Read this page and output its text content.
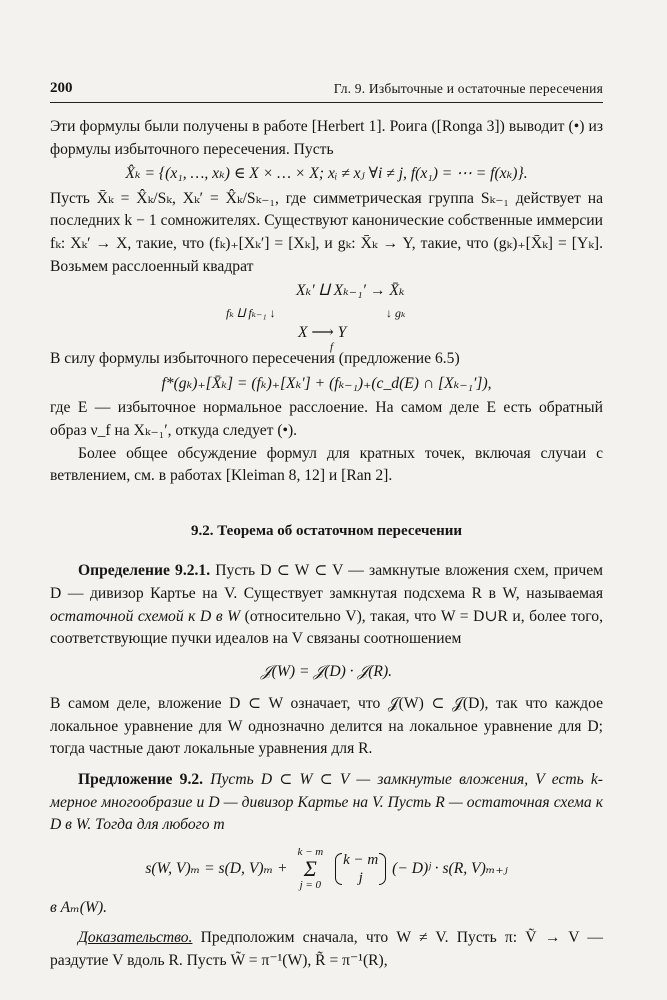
200	Гл. 9. Избыточные и остаточные пересечения

Эти формулы были получены в работе [Herbert 1]. Роига ([Ronga 3]) выводит (•) из формулы избыточного пересечения. Пусть

X̂ₖ = {(x₁, …, xₖ) ∈ X × … × X; xᵢ ≠ xⱼ ∀i ≠ j, f(x₁) = ⋯ = f(xₖ)}.

Пусть X̄ₖ = X̂ₖ/Sₖ, Xₖ′ = X̂ₖ/Sₖ₋₁, где симметрическая группа Sₖ₋₁ действует на последних k − 1 сомножителях. Существуют канонические собственные иммерсии fₖ: Xₖ′ → X, такие, что (fₖ)₊[Xₖ′] = [Xₖ], и gₖ: X̄ₖ → Y, такие, что (gₖ)₊[X̄ₖ] = [Yₖ]. Возьмем расслоенный квадрат

Xₖ′ ⨿ Xₖ₋₁′ → X̄ₖ
fₖ ⨿ fₖ₋₁ ↓	↓ gₖ
X ⟶ Y
f

В силу формулы избыточного пересечения (предложение 6.5)

f*(gₖ)₊[X̄ₖ] = (fₖ)₊[Xₖ′] + (fₖ₋₁)₊(c_d(E) ∩ [Xₖ₋₁′]),

где E — избыточное нормальное расслоение. На самом деле E есть обратный образ ν_f на Xₖ₋₁′, откуда следует (•).

Более общее обсуждение формул для кратных точек, включая случаи с ветвлением, см. в работах [Kleiman 8, 12] и [Ran 2].

9.2. Теорема об остаточном пересечении

Определение 9.2.1. Пусть D ⊂ W ⊂ V — замкнутые вложения схем, причем D — дивизор Картье на V. Существует замкнутая подсхема R в W, называемая остаточной схемой к D в W (относительно V), такая, что W = D∪R и, более того, соответствующие пучки идеалов на V связаны соотношением

𝒥(W) = 𝒥(D) · 𝒥(R).

В самом деле, вложение D ⊂ W означает, что 𝒥(W) ⊂ 𝒥(D), так что каждое локальное уравнение для W однозначно делится на локальное уравнение для D; тогда частные дают локальные уравнения для R.

Предложение 9.2. Пусть D ⊂ W ⊂ V — замкнутые вложения, V есть k-мерное многообразие и D — дивизор Картье на V. Пусть R — остаточная схема к D в W. Тогда для любого m

s(W, V)ₘ = s(D, V)ₘ +
k − m
Σ
j = 0

k − m
j
(− D)ʲ · s(R, V)ₘ₊ⱼ

в Aₘ(W).

Доказательство. Предположим сначала, что W ≠ V. Пусть π: Ṽ → V — раздутие V вдоль R. Пусть W̃ = π⁻¹(W), R̃ = π⁻¹(R),
